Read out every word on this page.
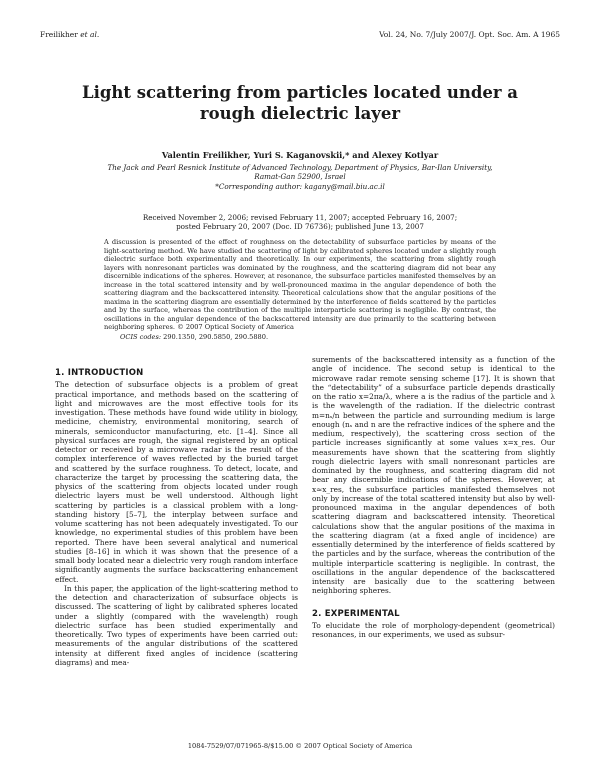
Freilikher et al.	Vol. 24, No. 7/July 2007/J. Opt. Soc. Am. A 1965
Light scattering from particles located under a
rough dielectric layer
Valentin Freilikher, Yuri S. Kaganovskii,* and Alexey Kotlyar
The Jack and Pearl Resnick Institute of Advanced Technology, Department of Physics, Bar-Ilan University,
Ramat-Gan 52900, Israel
*Corresponding author: kagany@mail.biu.ac.il
Received November 2, 2006; revised February 11, 2007; accepted February 16, 2007;
posted February 20, 2007 (Doc. ID 76736); published June 13, 2007
A discussion is presented of the effect of roughness on the detectability of subsurface particles by means of the light-scattering method. We have studied the scattering of light by calibrated spheres located under a slightly rough dielectric surface both experimentally and theoretically. In our experiments, the scattering from slightly rough layers with nonresonant particles was dominated by the roughness, and the scattering diagram did not bear any discernible indications of the spheres. However, at resonance, the subsurface particles manifested themselves by an increase in the total scattered intensity and by well-pronounced maxima in the angular dependence of both the scattering diagram and the backscattered intensity. Theoretical calculations show that the angular positions of the maxima in the scattering diagram are essentially determined by the interference of fields scattered by the particles and by the surface, whereas the contribution of the multiple interparticle scattering is negligible. By contrast, the oscillations in the angular dependence of the backscattered intensity are due primarily to the scattering between neighboring spheres. © 2007 Optical Society of America
OCIS codes: 290.1350, 290.5850, 290.5880.
1. INTRODUCTION

The detection of subsurface objects is a problem of great practical importance, and methods based on the scattering of light and microwaves are the most effective tools for its investigation. These methods have found wide utility in biology, medicine, chemistry, environmental monitoring, search of minerals, semiconductor manufacturing, etc. [1–4]. Since all physical surfaces are rough, the signal registered by an optical detector or received by a microwave radar is the result of the complex interference of waves reflected by the buried target and scattered by the surface roughness. To detect, locate, and characterize the target by processing the scattering data, the physics of the scattering from objects located under rough dielectric layers must be well understood. Although light scattering by particles is a classical problem with a long-standing history [5–7], the interplay between surface and volume scattering has not been adequately investigated. To our knowledge, no experimental studies of this problem have been reported. There have been several analytical and numerical studies [8–16] in which it was shown that the presence of a small body located near a dielectric very rough random interface significantly augments the surface backscattering enhancement effect.

In this paper, the application of the light-scattering method to the detection and characterization of subsurface objects is discussed. The scattering of light by calibrated spheres located under a slightly (compared with the wavelength) rough dielectric surface has been studied experimentally and theoretically. Two types of experiments have been carried out: measurements of the angular distributions of the scattered intensity at different fixed angles of incidence (scattering diagrams) and mea-

surements of the backscattered intensity as a function of the angle of incidence. The second setup is identical to the microwave radar remote sensing scheme [17]. It is shown that the “detectability” of a subsurface particle depends drastically on the ratio x=2πa/λ, where a is the radius of the particle and λ is the wavelength of the radiation. If the dielectric contrast m=nₛ/n between the particle and surrounding medium is large enough (nₛ and n are the refractive indices of the sphere and the medium, respectively), the scattering cross section of the particle increases significantly at some values x=x_res. Our measurements have shown that the scattering from slightly rough dielectric layers with small nonresonant particles are dominated by the roughness, and scattering diagram did not bear any discernible indications of the spheres. However, at x≈x_res, the subsurface particles manifested themselves not only by increase of the total scattered intensity but also by well-pronounced maxima in the angular dependences of both scattering diagram and backscattered intensity. Theoretical calculations show that the angular positions of the maxima in the scattering diagram (at a fixed angle of incidence) are essentially determined by the interference of fields scattered by the particles and by the surface, whereas the contribution of the multiple interparticle scattering is negligible. In contrast, the oscillations in the angular dependence of the backscattered intensity are basically due to the scattering between neighboring spheres.

2. EXPERIMENTAL

To elucidate the role of morphology-dependent (geometrical) resonances, in our experiments, we used as subsur-

1084-7529/07/071965-8/$15.00 © 2007 Optical Society of America
